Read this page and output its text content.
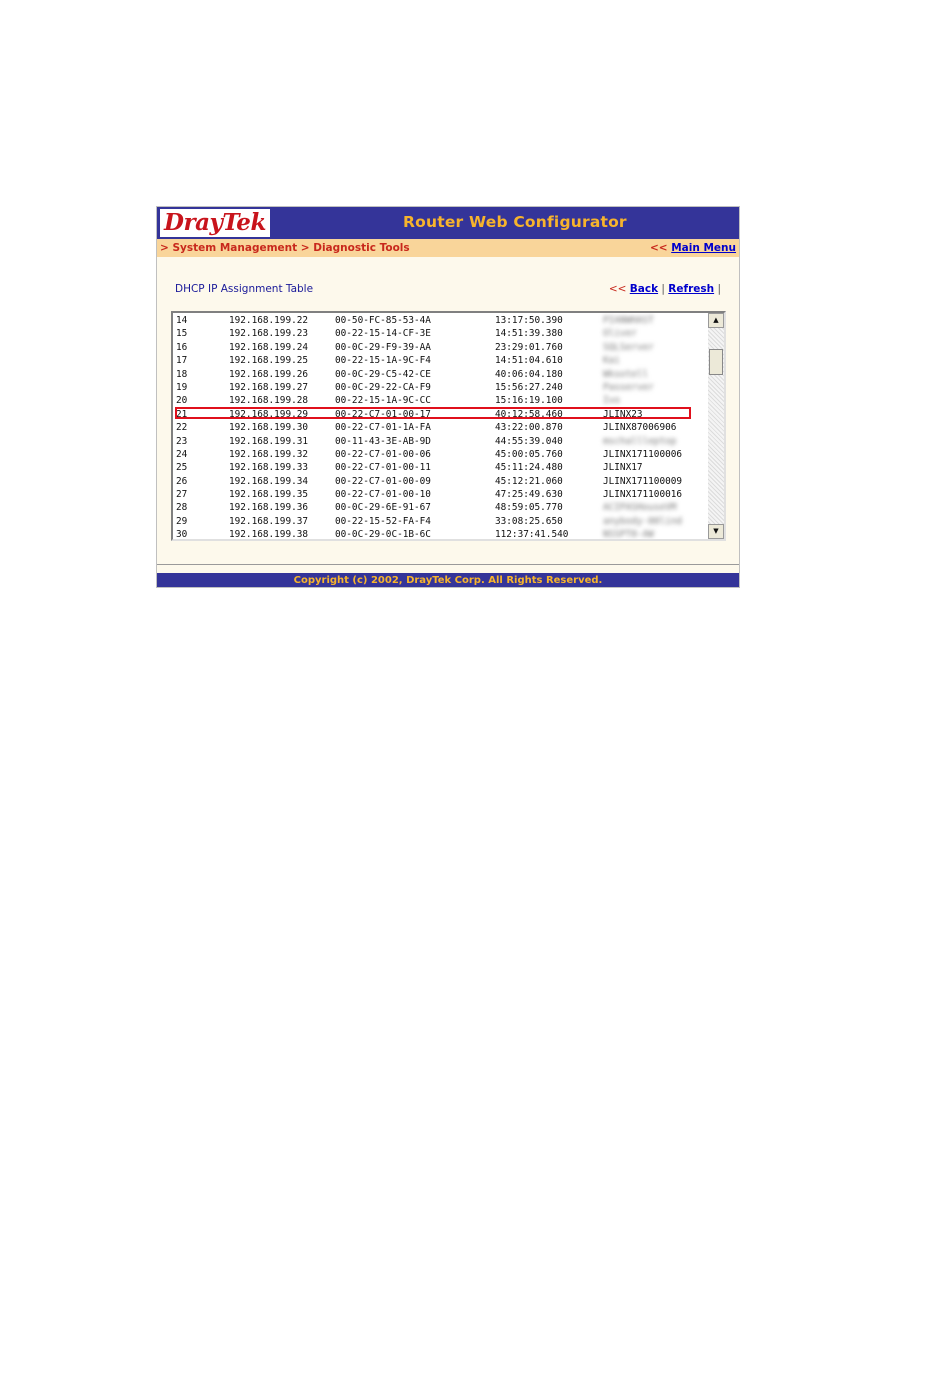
DrayTek	Router Web Configurator
> System Management > Diagnostic Tools	<< Main Menu
DHCP IP Assignment Table	<< Back | Refresh |
14	192.168.199.22	00-50-FC-85-53-4A	13:17:50.390	PIANWHAST
15	192.168.199.23	00-22-15-14-CF-3E	14:51:39.380	Oliver
16	192.168.199.24	00-0C-29-F9-39-AA	23:29:01.760	SQLServer
17	192.168.199.25	00-22-15-1A-9C-F4	14:51:04.610	Kai
18	192.168.199.26	00-0C-29-C5-42-CE	40:06:04.180	Wksotell
19	192.168.199.27	00-0C-29-22-CA-F9	15:56:27.240	Passerver
20	192.168.199.28	00-22-15-1A-9C-CC	15:16:19.100	Ivo
21	192.168.199.29	00-22-C7-01-00-17	40:12:58.460	JLINX23
22	192.168.199.30	00-22-C7-01-1A-FA	43:22:00.870	JLINX87006906
23	192.168.199.31	00-11-43-3E-AB-9D	44:55:39.040	mschallleptop
24	192.168.199.32	00-22-C7-01-00-06	45:00:05.760	JLINX171100006
25	192.168.199.33	00-22-C7-01-00-11	45:11:24.480	JLINX17
26	192.168.199.34	00-22-C7-01-00-09	45:12:21.060	JLINX171100009
27	192.168.199.35	00-22-C7-01-00-10	47:25:49.630	JLINX171100016
28	192.168.199.36	00-0C-29-6E-91-67	48:59:05.770	ACIPASHouseVM
29	192.168.199.37	00-22-15-52-FA-F4	33:08:25.650	anybody-00lind
30	192.168.199.38	00-0C-29-0C-1B-6C	112:37:41.540	NSSPT0-AW
▲
▼
Copyright (c) 2002, DrayTek Corp. All Rights Reserved.
